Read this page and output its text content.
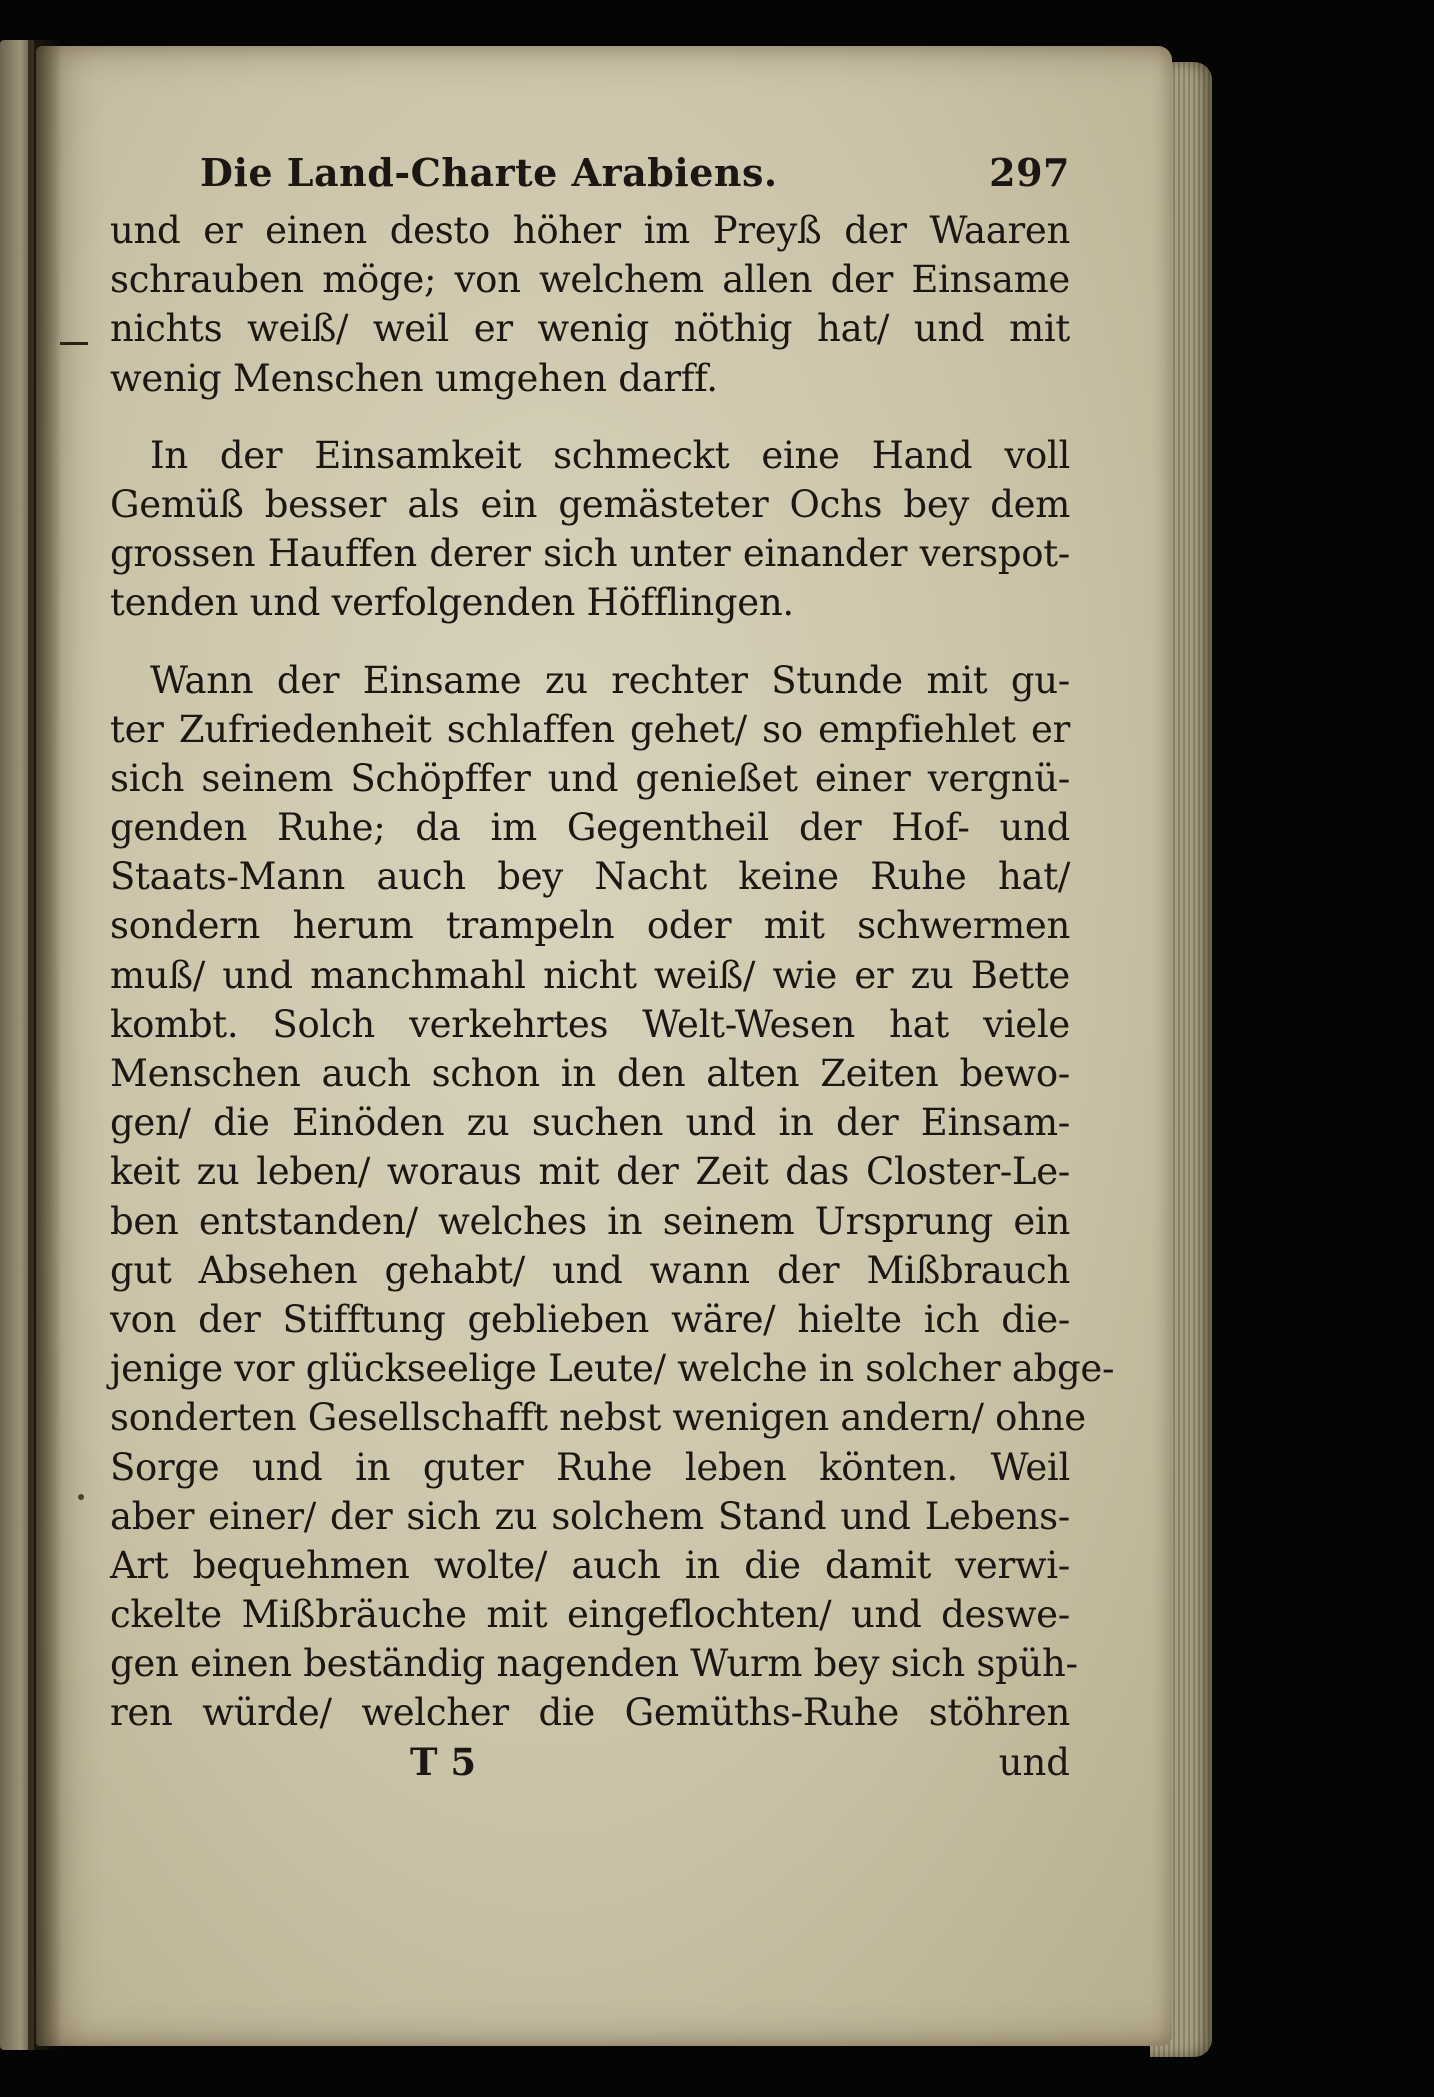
Die Land-Charte Arabiens.	297
und er einen desto höher im Preyß der Waaren
schrauben möge; von welchem allen der Einsame
nichts weiß/ weil er wenig nöthig hat/ und mit
wenig Menschen umgehen darff.
In der Einsamkeit schmeckt eine Hand voll
Gemüß besser als ein gemästeter Ochs bey dem
grossen Hauffen derer sich unter einander verspot-
tenden und verfolgenden Höfflingen.
Wann der Einsame zu rechter Stunde mit gu-
ter Zufriedenheit schlaffen gehet/ so empfiehlet er
sich seinem Schöpffer und genießet einer vergnü-
genden Ruhe; da im Gegentheil der Hof- und
Staats-Mann auch bey Nacht keine Ruhe hat/
sondern herum trampeln oder mit schwermen
muß/ und manchmahl nicht weiß/ wie er zu Bette
kombt. Solch verkehrtes Welt-Wesen hat viele
Menschen auch schon in den alten Zeiten bewo-
gen/ die Einöden zu suchen und in der Einsam-
keit zu leben/ woraus mit der Zeit das Closter-Le-
ben entstanden/ welches in seinem Ursprung ein
gut Absehen gehabt/ und wann der Mißbrauch
von der Stifftung geblieben wäre/ hielte ich die-
jenige vor glückseelige Leute/ welche in solcher abge-
sonderten Gesellschafft nebst wenigen andern/ ohne
Sorge und in guter Ruhe leben könten. Weil
aber einer/ der sich zu solchem Stand und Lebens-
Art bequehmen wolte/ auch in die damit verwi-
ckelte Mißbräuche mit eingeflochten/ und deswe-
gen einen beständig nagenden Wurm bey sich spüh-
ren würde/ welcher die Gemüths-Ruhe stöhren
T 5	und
